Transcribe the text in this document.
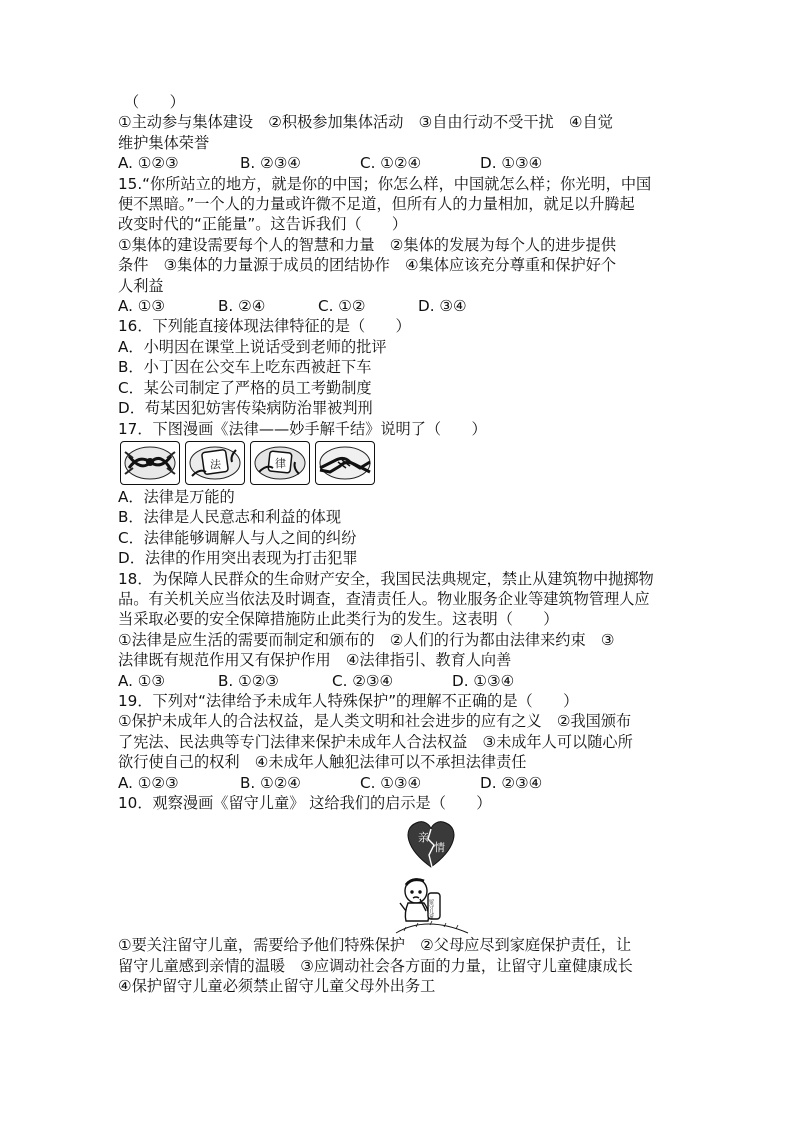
（　　）
①主动参与集体建设　②积极参加集体活动　③自由行动不受干扰　④自觉
维护集体荣誉
A. ①②③	B. ②③④	C. ①②④	D. ①③④
15.“你所站立的地方，就是你的中国；你怎么样，中国就怎么样；你光明，中国
便不黑暗。”一个人的力量或许微不足道，但所有人的力量相加，就足以升腾起
改变时代的“正能量”。这告诉我们（　　）
①集体的建设需要每个人的智慧和力量　②集体的发展为每个人的进步提供
条件　③集体的力量源于成员的团结协作　④集体应该充分尊重和保护好个
人利益
A. ①③	B. ②④	C. ①②	D. ③④
16．下列能直接体现法律特征的是（　　）
A．小明因在课堂上说话受到老师的批评
B．小丁因在公交车上吃东西被赶下车
C．某公司制定了严格的员工考勤制度
D．苟某因犯妨害传染病防治罪被判刑
17．下图漫画《法律——妙手解千结》说明了（　　）
法	律
A．法律是万能的
B．法律是人民意志和利益的体现
C．法律能够调解人与人之间的纠纷
D．法律的作用突出表现为打击犯罪
18．为保障人民群众的生命财产安全，我国民法典规定，禁止从建筑物中抛掷物
品。有关机关应当依法及时调查，查清责任人。物业服务企业等建筑物管理人应
当采取必要的安全保障措施防止此类行为的发生。这表明（　　）
①法律是应生活的需要而制定和颁布的　②人们的行为都由法律来约束　③
法律既有规范作用又有保护作用　④法律指引、教育人向善
A. ①③	B. ①②③	C. ②③④	D. ①③④
19．下列对“法律给予未成年人特殊保护”的理解不正确的是（　　）
①保护未成年人的合法权益，是人类文明和社会进步的应有之义　②我国颁布
了宪法、民法典等专门法律来保护未成年人合法权益　③未成年人可以随心所
欲行使自己的权利　④未成年人触犯法律可以不承担法律责任
A. ①②③	B. ①②④	C. ①③④	D. ②③④
10．观察漫画《留守儿童》 这给我们的启示是（　　）
亲
情
留守儿童
①要关注留守儿童，需要给予他们特殊保护　②父母应尽到家庭保护责任，让
留守儿童感到亲情的温暖　③应调动社会各方面的力量，让留守儿童健康成长
④保护留守儿童必须禁止留守儿童父母外出务工
